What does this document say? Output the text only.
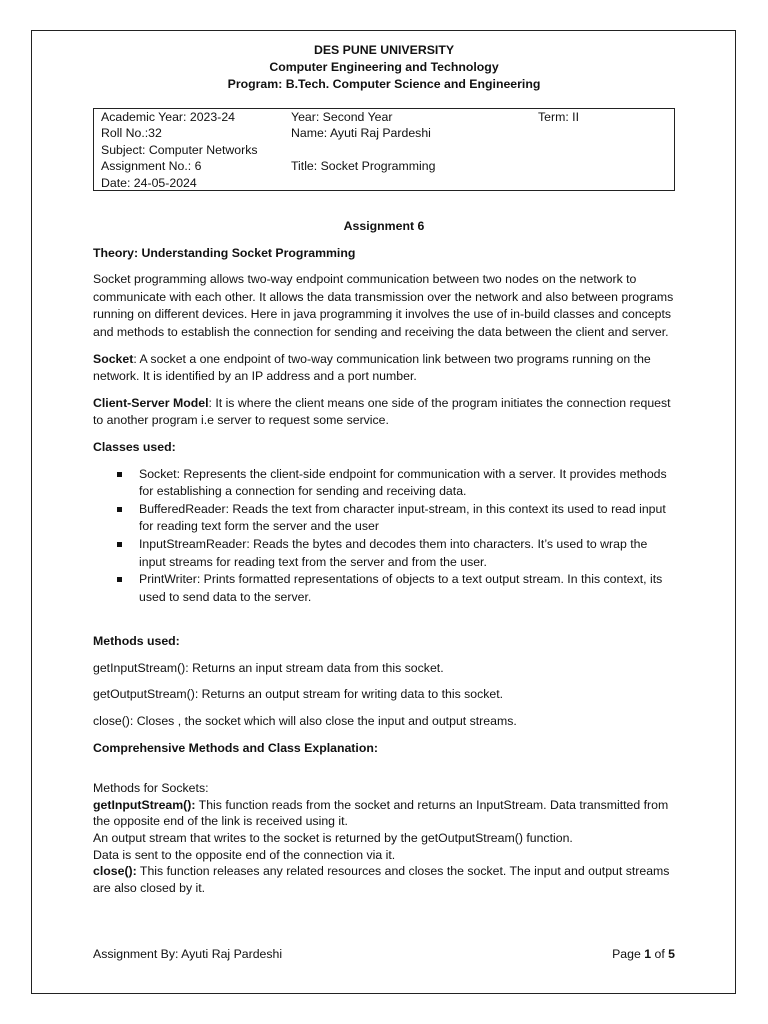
DES PUNE UNIVERSITY
Computer Engineering and Technology
Program: B.Tech. Computer Science and Engineering
Academic Year: 2023-24	Year: Second Year	Term: II
Roll No.:32	Name: Ayuti Raj Pardeshi
Subject: Computer Networks
Assignment No.: 6	Title: Socket Programming
Date: 24-05-2024

Assignment 6

Theory: Understanding Socket Programming

Socket programming allows two-way endpoint communication between two nodes on the network to communicate with each other. It allows the data transmission over the network and also between programs running on different devices. Here in java programming it involves the use of in-build classes and concepts and methods to establish the connection for sending and receiving the data between the client and server.

Socket: A socket a one endpoint of two-way communication link between two programs running on the network. It is identified by an IP address and a port number.

Client-Server Model: It is where the client means one side of the program initiates the connection request to another program i.e server to request some service.

Classes used:

Socket: Represents the client-side endpoint for communication with a server. It provides methods for establishing a connection for sending and receiving data.
BufferedReader: Reads the text from character input-stream, in this context its used to read input for reading text form the server and the user
InputStreamReader: Reads the bytes and decodes them into characters. It’s used to wrap the input streams for reading text from the server and from the user.
PrintWriter: Prints formatted representations of objects to a text output stream. In this context, its used to send data to the server.

Methods used:

getInputStream(): Returns an input stream data from this socket.

getOutputStream(): Returns an output stream for writing data to this socket.

close(): Closes , the socket which will also close the input and output streams.

Comprehensive Methods and Class Explanation:

Methods for Sockets:

getInputStream(): This function reads from the socket and returns an InputStream. Data transmitted from the opposite end of the link is received using it.

An output stream that writes to the socket is returned by the getOutputStream() function.

Data is sent to the opposite end of the connection via it.

close(): This function releases any related resources and closes the socket. The input and output streams are also closed by it.

Assignment By: Ayuti Raj Pardeshi	Page 1 of 5
